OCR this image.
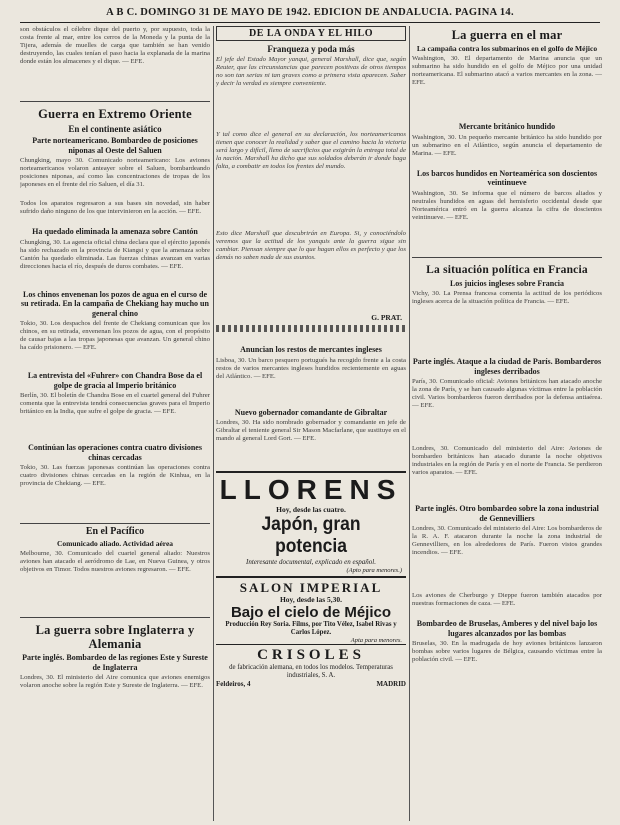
A B C. DOMINGO 31 DE MAYO DE 1942. EDICION DE ANDALUCIA. PAGINA 14.

son obstáculos el célebre dique del puerto y, por supuesto, toda la costa frente al mar, entre los cerros de la Moneda y la punta de la Tijera, además de muelles de carga que también se han venido destruyendo, las cuales tenían el paso hacia la explanada de la marina donde están los almacenes y el dique. — EFE.

Guerra en Extremo Oriente
En el continente asiático
Parte norteamericano. Bombardeo de posiciones niponas al Oeste del Saluen

Chungking, mayo 30. Comunicado norteamericano: Los aviones norteamericanos volaron anteayer sobre el Saluen, bombardeando posiciones niponas, así como las concentraciones de tropas de los japoneses en el frente del río Saluen, el día 31.

Todos los aparatos regresaron a sus bases sin novedad, sin haber sufrido daño ninguno de los que intervinieron en la acción. — EFE.

Ha quedado eliminada la amenaza sobre Cantón

Chungking, 30. La agencia oficial china declara que el ejército japonés ha sido rechazado en la provincia de Kiangsi y que la amenaza sobre Cantón ha quedado eliminada. Las fuerzas chinas avanzan en varias direcciones hacia el río, después de duros combates. — EFE.

Los chinos envenenan los pozos de agua en el curso de su retirada. En la campaña de Chekiang hay mucho un general chino

Tokio, 30. Los despachos del frente de Chekiang comunican que los chinos, en su retirada, envenenan los pozos de agua, con el propósito de causar bajas a las tropas japonesas que avanzan. Un general chino ha caído prisionero. — EFE.

La entrevista del «Fuhrer» con Chandra Bose da el golpe de gracia al Imperio británico

Berlín, 30. El boletín de Chandra Bose en el cuartel general del Fuhrer comenta que la entrevista tendrá consecuencias graves para el Imperio británico en la India, que sufre el golpe de gracia. — EFE.

Continúan las operaciones contra cuatro divisiones chinas cercadas

Tokio, 30. Las fuerzas japonesas continúan las operaciones contra cuatro divisiones chinas cercadas en la región de Kinhua, en la provincia de Chekiang. — EFE.

En el Pacífico
Comunicado aliado. Actividad aérea

Melbourne, 30. Comunicado del cuartel general aliado: Nuestros aviones han atacado el aeródromo de Lae, en Nueva Guinea, y otros objetivos en Timor. Todos nuestros aviones regresaron. — EFE.

La guerra sobre Inglaterra y Alemania
Parte inglés. Bombardeo de las regiones Este y Sureste de Inglaterra

Londres, 30. El ministerio del Aire comunica que aviones enemigos volaron anoche sobre la región Este y Sureste de Inglaterra. — EFE.

DE LA ONDA Y EL HILO
Franqueza y poda más

El jefe del Estado Mayor yanqui, general Marshall, dice que, según Reuter, que las circunstancias que parecen positivas de otros tiempos no son tan serias ni tan graves como a primera vista aparecen. Saber y decir la verdad es siempre conveniente.

Y tal como dice el general en su declaración, los norteamericanos tienen que conocer la realidad y saber que el camino hacia la victoria será largo y difícil, lleno de sacrificios que exigirán la entrega total de la nación. Marshall ha dicho que sus soldados deberán ir donde haga falta, a combatir en todos los frentes del mundo.

Esto dice Marshall que descubrirán en Europa. Si, y conociéndolo veremos que la actitud de los yanquis ante la guerra sigue sin cambiar. Piensan siempre que lo que hagan ellos es perfecto y que los demás no saben nada de sus asuntos.

G. PRAT.

Anuncian los restos de mercantes ingleses

Lisboa, 30. Un barco pesquero portugués ha recogido frente a la costa restos de varios mercantes ingleses hundidos recientemente en aguas del Atlántico. — EFE.

Nuevo gobernador comandante de Gibraltar

Londres, 30. Ha sido nombrado gobernador y comandante en jefe de Gibraltar el teniente general Sir Mason Macfarlane, que sustituye en el mando al general Lord Gort. — EFE.

LLORENS
Hoy, desde las cuatro.
Japón, gran potencia
Interesante documental, explicado en español.
(Apto para menores.)
SALON IMPERIAL
Hoy, desde las 5,30.
Bajo el cielo de Méjico
Producción Rey Soria. Films, por Tito Vélez, Isabel Rivas y Carlos López.
Apta para menores.
CRISOLES
de fabricación alemana, en todos los modelos. Temperaturas industriales, S. A.
Feldeiros, 4	MADRID
La guerra en el mar
La campaña contra los submarinos en el golfo de Méjico

Washington, 30. El departamento de Marina anuncia que un submarino ha sido hundido en el golfo de Méjico por una unidad norteamericana. El submarino atacó a varios mercantes en la zona. — EFE.

Mercante británico hundido

Washington, 30. Un pequeño mercante británico ha sido hundido por un submarino en el Atlántico, según anuncia el departamento de Marina. — EFE.

Los barcos hundidos en Norteamérica son doscientos veintinueve

Washington, 30. Se informa que el número de barcos aliados y neutrales hundidos en aguas del hemisferio occidental desde que Norteamérica entró en la guerra alcanza la cifra de doscientos veintinueve. — EFE.

La situación política en Francia
Los juicios ingleses sobre Francia

Vichy, 30. La Prensa francesa comenta la actitud de los periódicos ingleses acerca de la situación política de Francia. — EFE.

Parte inglés. Ataque a la ciudad de París. Bombarderos ingleses derribados

París, 30. Comunicado oficial: Aviones británicos han atacado anoche la zona de París, y se han causado algunas víctimas entre la población civil. Varios bombarderos fueron derribados por la defensa antiaérea. — EFE.

Londres, 30. Comunicado del ministerio del Aire: Aviones de bombardeo británicos han atacado durante la noche objetivos industriales en la región de París y en el norte de Francia. Se perdieron varios aparatos. — EFE.

Parte inglés. Otro bombardeo sobre la zona industrial de Gennevilliers

Londres, 30. Comunicado del ministerio del Aire: Los bombarderos de la R. A. F. atacaron durante la noche la zona industrial de Gennevilliers, en los alrededores de París. Fueron vistos grandes incendios. — EFE.

Los aviones de Cherburgo y Dieppe fueron también atacados por nuestras formaciones de caza. — EFE.

Bombardeo de Bruselas, Amberes y del nivel bajo los lugares alcanzados por las bombas

Bruselas, 30. En la madrugada de hoy aviones británicos lanzaron bombas sobre varios lugares de Bélgica, causando víctimas entre la población civil. — EFE.
